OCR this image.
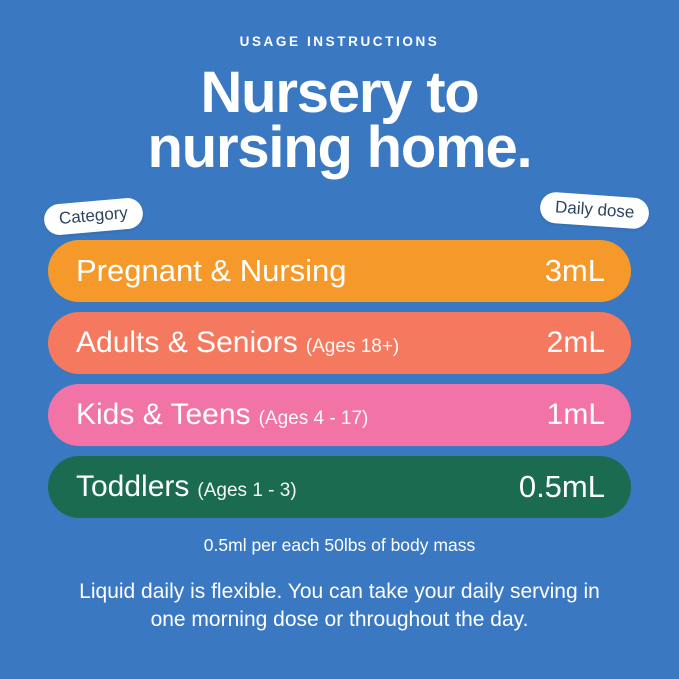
USAGE INSTRUCTIONS
Nursery to
nursing home.
Category	Daily dose
Pregnant & Nursing	3mL
Adults & Seniors (Ages 18+)	2mL
Kids & Teens (Ages 4 - 17)	1mL
Toddlers (Ages 1 - 3)	0.5mL
0.5ml per each 50lbs of body mass
Liquid daily is flexible. You can take your daily serving in
one morning dose or throughout the day.
